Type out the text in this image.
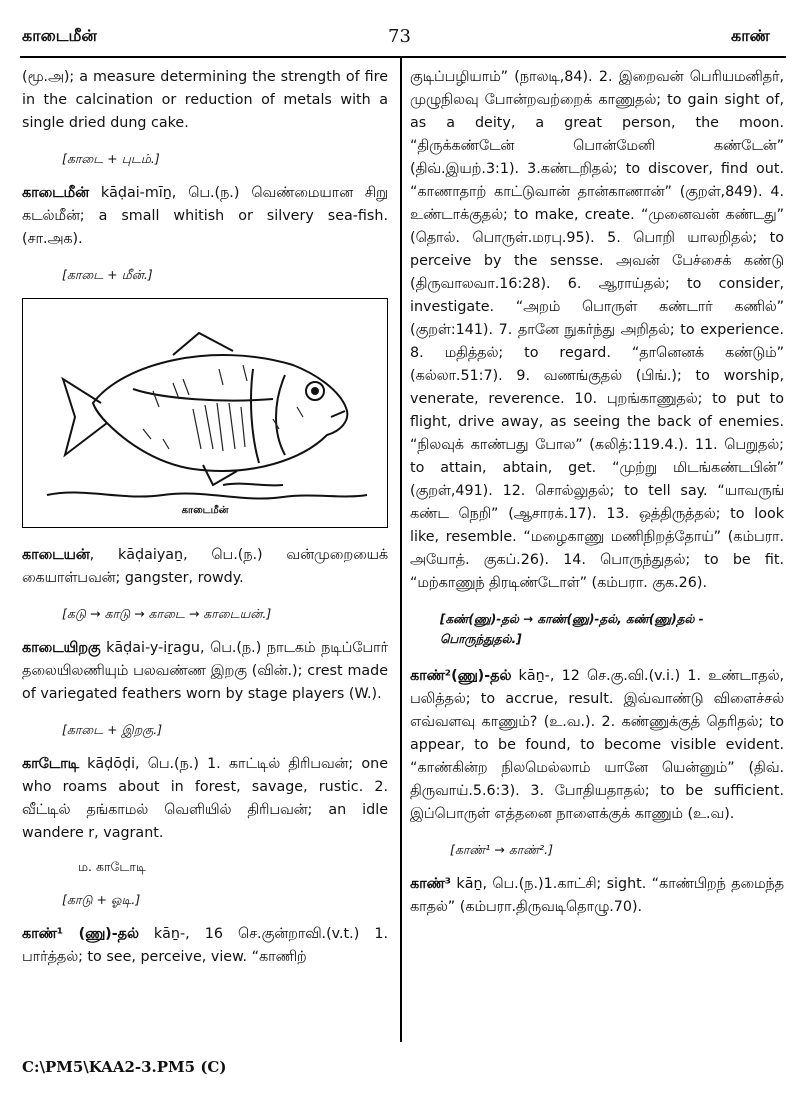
காடைமீன்	73	காண்

(மூ.அ); a measure determining the strength of fire in the calcination or reduction of metals with a single dried dung cake.

[காடை + புடம்.]

காடைமீன் kāḍai-mīṉ, பெ.(ந.) வெண்மையான சிறு கடல்மீன்; a small whitish or silvery sea-fish. (சா.அக).

[காடை + மீன்.]
காடைமீன்

காடையன், kāḍaiyaṉ, பெ.(ந.) வன்முறையைக் கையாள்பவன்; gangster, rowdy.

[கடு → காடு → காடை → காடையன்.]

காடையிறகு kāḍai-y-iṟagu, பெ.(ந.) நாடகம் நடிப்போர் தலையிலணியும் பலவண்ண இறகு (வின்.); crest made of variegated feathers worn by stage players (W.).

[காடை + இறகு.]

காடோடி kāḍōḍi, பெ.(ந.) 1. காட்டில் திரிபவன்; one who roams about in forest, savage, rustic. 2. வீட்டில் தங்காமல் வெளியில் திரிபவன்; an idle wandere r, vagrant.

ம. காடோடி
[காடு + ஓடி.]

காண்¹ (ணு)-தல் kāṉ-, 16 செ.குன்றாவி.(v.t.) 1. பார்த்தல்; to see, perceive, view. “காணிற்

குடிப்பழியாம்” (நாலடி,84). 2. இறைவன் பெரியமனிதர், முழுநிலவு போன்றவற்றைக் காணுதல்; to gain sight of, as a deity, a great person, the moon. “திருக்கண்டேன் பொன்மேனி கண்டேன்” (திவ்.இயற்.3:1). 3.கண்டறிதல்; to discover, find out. “காணாதாற் காட்டுவான் தான்காணான்” (குறள்,849). 4. உண்டாக்குதல்; to make, create. “முனைவன் கண்டது” (தொல். பொருள்.மரபு.95). 5. பொறி யாலறிதல்; to perceive by the sensse. அவன் பேச்சைக் கண்டு (திருவாலவா.16:28). 6. ஆராய்தல்; to consider, investigate. “அறம் பொருள் கண்டார் கணில்” (குறள்:141). 7. தானே நுகர்ந்து அறிதல்; to experience. 8. மதித்தல்; to regard. “தானெனக் கண்டும்” (கல்லா.51:7). 9. வணங்குதல் (பிங்.); to worship, venerate, reverence. 10. புறங்காணுதல்; to put to flight, drive away, as seeing the back of enemies. “நிலவுக் காண்பது போல” (கலித்:119.4.). 11. பெறுதல்; to attain, abtain, get. “முற்று மிடங்கண்டபின்” (குறள்,491). 12. சொல்லுதல்; to tell say. “யாவருங் கண்ட நெறி” (ஆசாரக்.17). 13. ஒத்திருத்தல்; to look like, resemble. “மழைகாணு மணிநிறத்தோய்” (கம்பரா. அயோத். குகப்.26). 14. பொருந்துதல்; to be fit. “மற்காணுந் திரடிண்டோள்” (கம்பரா. குக.26).

[கண்(ணு)-தல் → காண்(ணு)-தல், கண்(ணு)தல் - பொருந்துதல்.]

காண்²(ணு)-தல் kāṉ-, 12 செ.கு.வி.(v.i.) 1. உண்டாதல், பலித்தல்; to accrue, result. இவ்வாண்டு விளைச்சல் எவ்வளவு காணும்? (உ.வ.). 2. கண்ணுக்குத் தெரிதல்; to appear, to be found, to become visible evident. “காண்கின்ற நிலமெல்லாம் யானே யென்னும்” (திவ். திருவாய்.5.6:3). 3. போதியதாதல்; to be sufficient. இப்பொருள் எத்தனை நாளைக்குக் காணும் (உ.வ).

[காண்¹ → காண்².]

காண்³ kāṉ, பெ.(ந.)1.காட்சி; sight. “காண்பிறந் தமைந்த காதல்” (கம்பரா.திருவடிதொழு.70).

C:\PM5\KAA2-3.PM5 (C)
